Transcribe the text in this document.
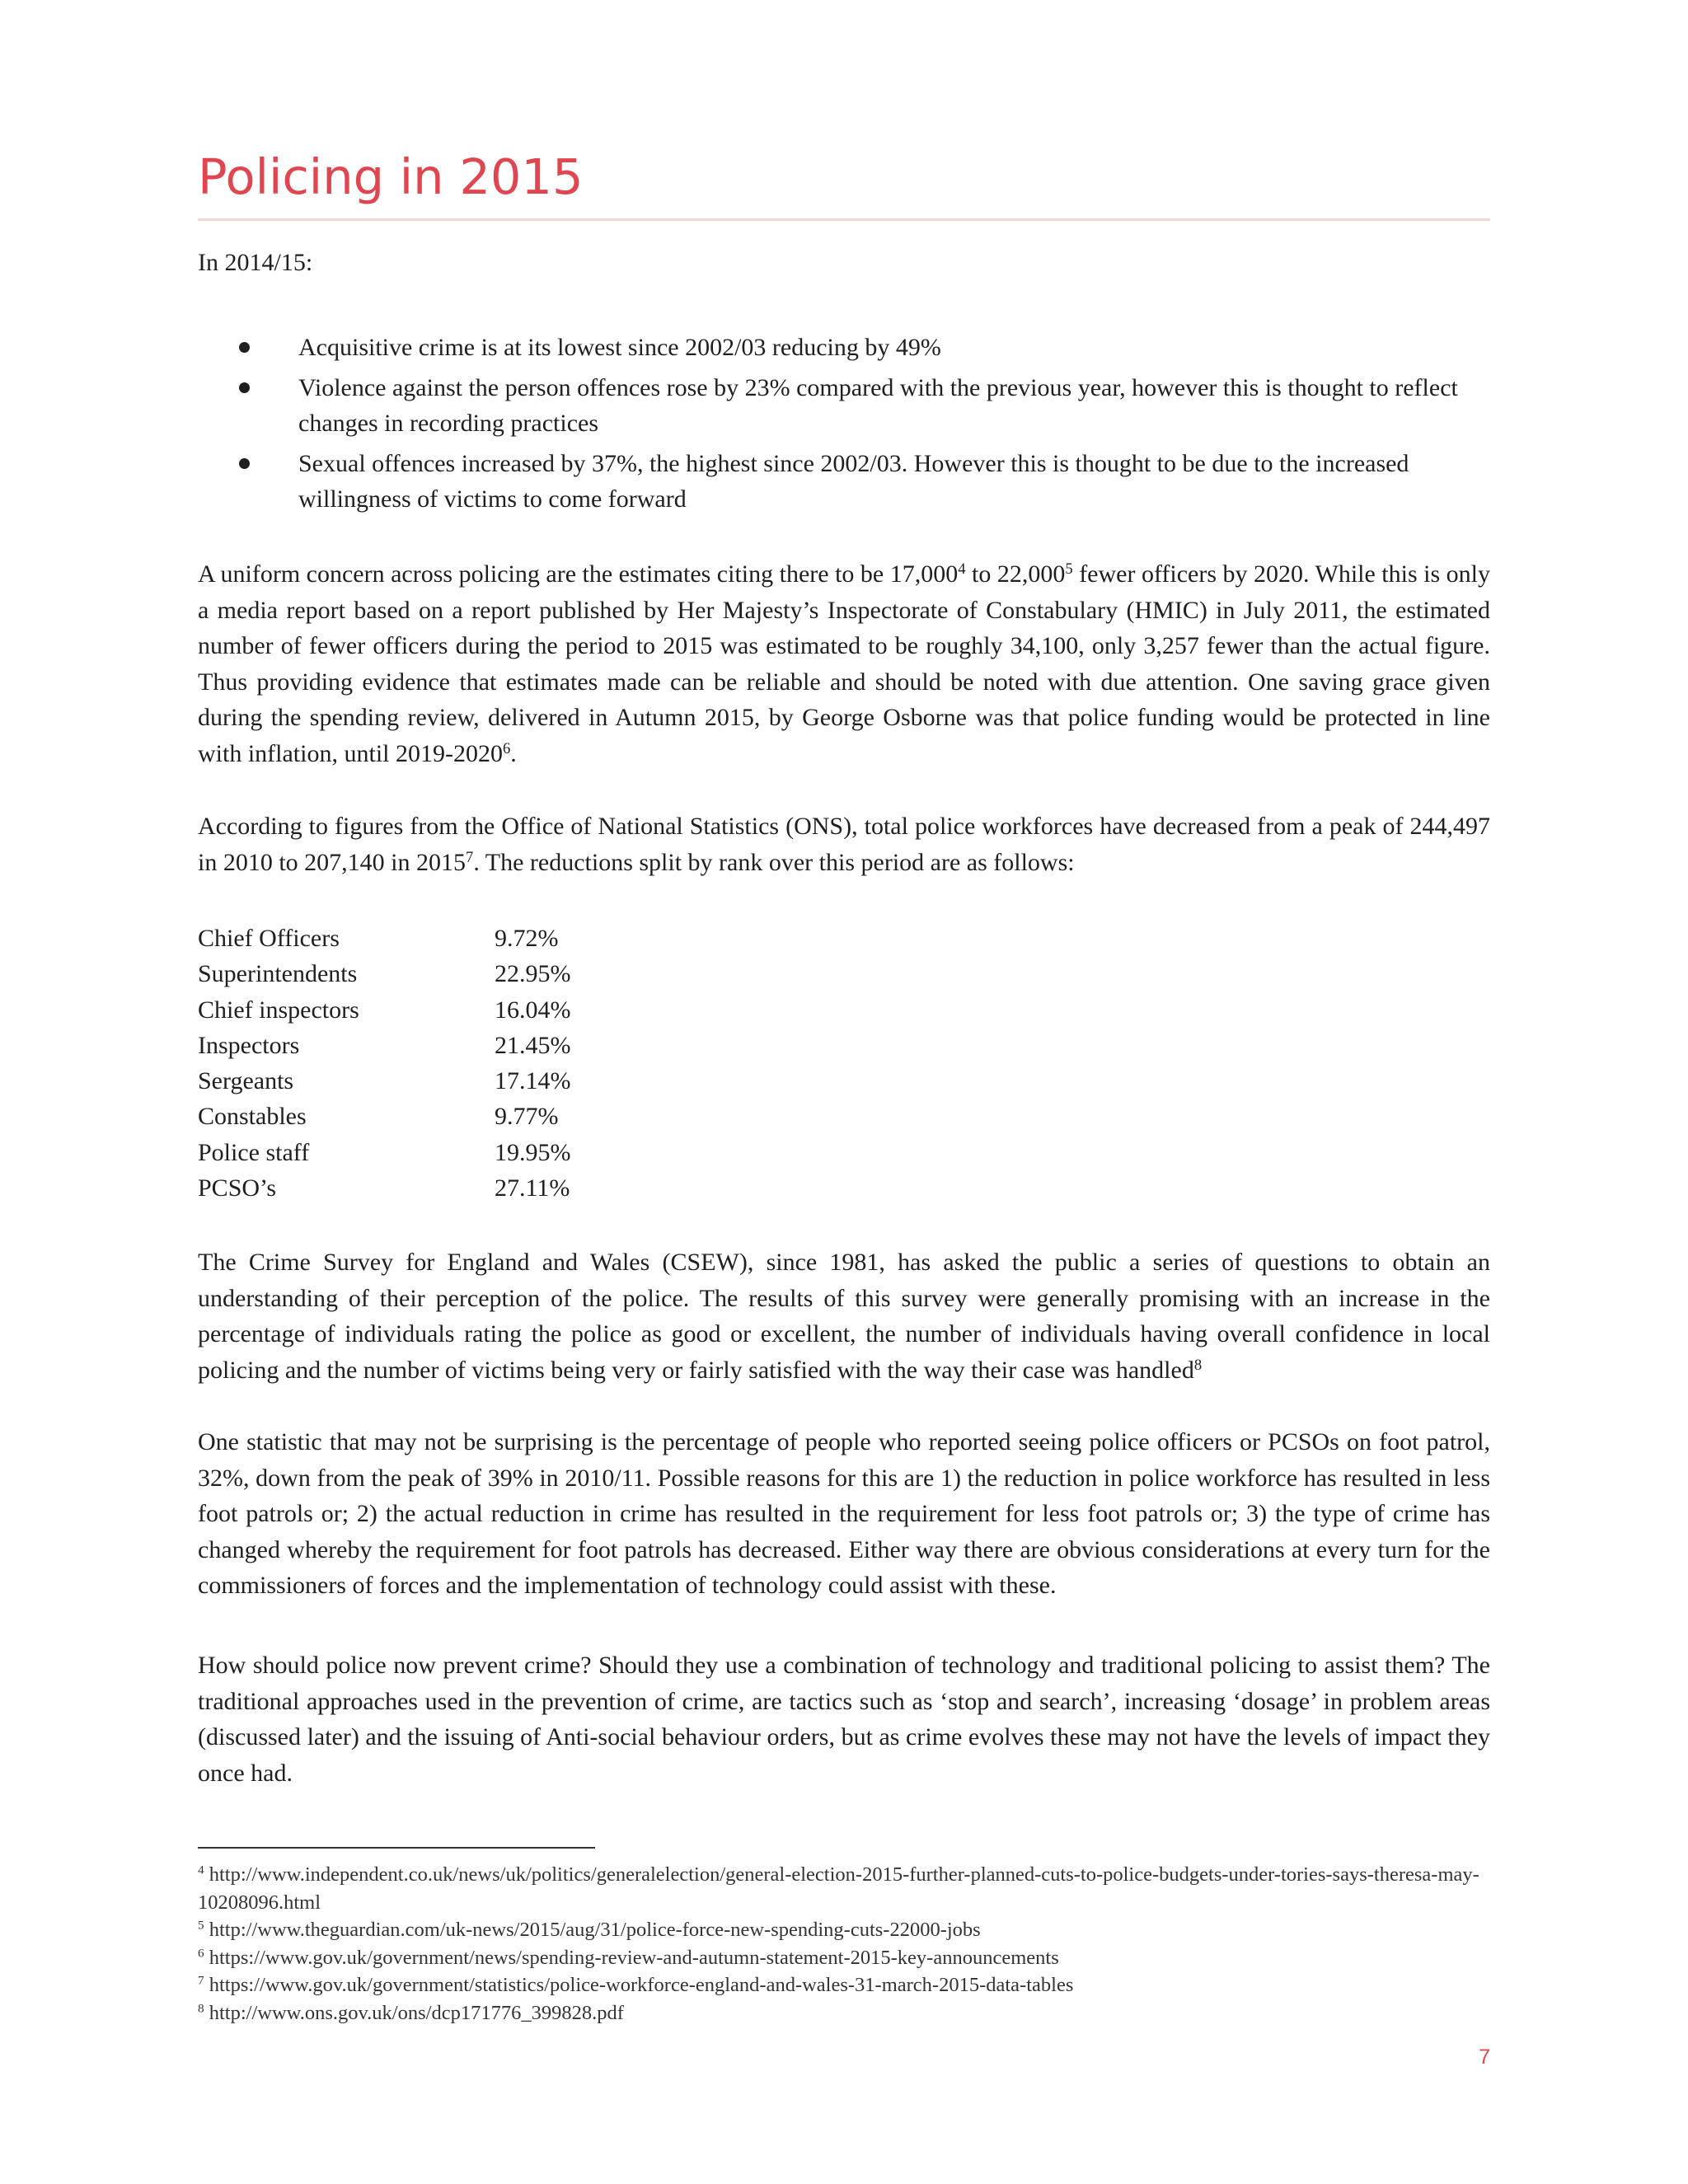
Policing in 2015

In 2014/15:

Acquisitive crime is at its lowest since 2002/03 reducing by 49%
Violence against the person offences rose by 23% compared with the previous year, however this is thought to reflect changes in recording practices
Sexual offences increased by 37%, the highest since 2002/03. However this is thought to be due to the increased willingness of victims to come forward

A uniform concern across policing are the estimates citing there to be 17,000$^4$ to 22,000$^5$ fewer officers by 2020. While this is only a media report based on a report published by Her Majesty’s Inspectorate of Constabulary (HMIC) in July 2011, the estimated number of fewer officers during the period to 2015 was estimated to be roughly 34,100, only 3,257 fewer than the actual figure. Thus providing evidence that estimates made can be reliable and should be noted with due attention. One saving grace given during the spending review, delivered in Autumn 2015, by George Osborne was that police funding would be protected in line with inflation, until 2019-2020$^6$.

According to figures from the Office of National Statistics (ONS), total police workforces have decreased from a peak of 244,497 in 2010 to 207,140 in 2015$^7$. The reductions split by rank over this period are as follows:

Chief Officers	9.72%
Superintendents	22.95%
Chief inspectors	16.04%
Inspectors	21.45%
Sergeants	17.14%
Constables	9.77%
Police staff	19.95%
PCSO’s	27.11%

The Crime Survey for England and Wales (CSEW), since 1981, has asked the public a series of questions to obtain an understanding of their perception of the police. The results of this survey were generally promising with an increase in the percentage of individuals rating the police as good or excellent, the number of individuals having overall confidence in local policing and the number of victims being very or fairly satisfied with the way their case was handled$^8$

One statistic that may not be surprising is the percentage of people who reported seeing police officers or PCSOs on foot patrol, 32%, down from the peak of 39% in 2010/11. Possible reasons for this are 1) the reduction in police workforce has resulted in less foot patrols or; 2) the actual reduction in crime has resulted in the requirement for less foot patrols or; 3) the type of crime has changed whereby the requirement for foot patrols has decreased. Either way there are obvious considerations at every turn for the commissioners of forces and the implementation of technology could assist with these.

How should police now prevent crime? Should they use a combination of technology and traditional policing to assist them? The traditional approaches used in the prevention of crime, are tactics such as ‘stop and search’, increasing ‘dosage’ in problem areas (discussed later) and the issuing of Anti-social behaviour orders, but as crime evolves these may not have the levels of impact they once had.

$^4$ http://www.independent.co.uk/news/uk/politics/generalelection/general-election-2015-further-planned-cuts-to-police-budgets-under-tories-says-theresa-may-10208096.html

$^5$ http://www.theguardian.com/uk-news/2015/aug/31/police-force-new-spending-cuts-22000-jobs

$^6$ https://www.gov.uk/government/news/spending-review-and-autumn-statement-2015-key-announcements

$^7$ https://www.gov.uk/government/statistics/police-workforce-england-and-wales-31-march-2015-data-tables

$^8$ http://www.ons.gov.uk/ons/dcp171776_399828.pdf

7
